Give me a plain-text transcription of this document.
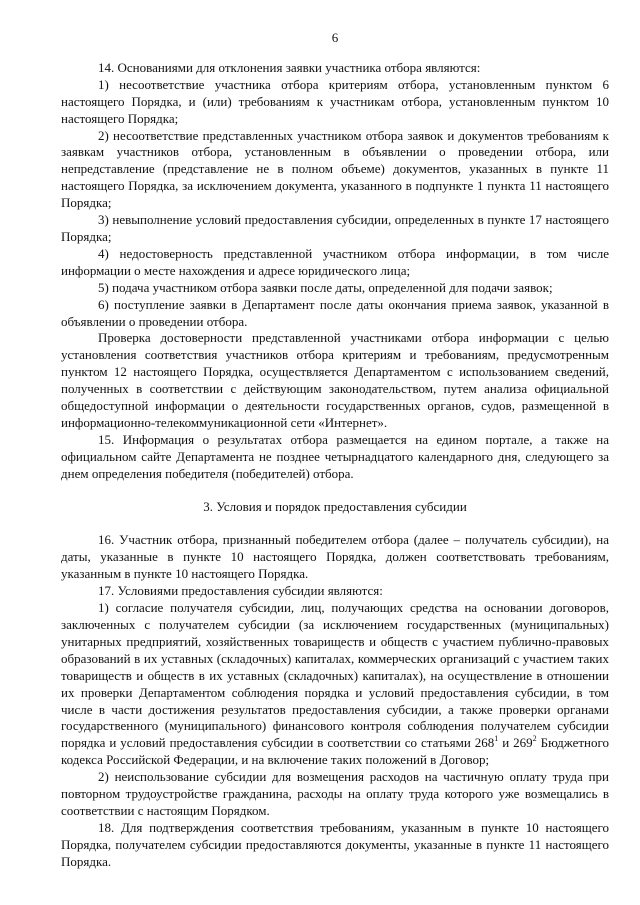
6

14. Основаниями для отклонения заявки участника отбора являются:

1) несоответствие участника отбора критериям отбора, установленным пунктом 6 настоящего Порядка, и (или) требованиям к участникам отбора, установленным пунктом 10 настоящего Порядка;

2) несоответствие представленных участником отбора заявок и документов требованиям к заявкам участников отбора, установленным в объявлении о проведении отбора, или непредставление (представление не в полном объеме) документов, указанных в пункте 11 настоящего Порядка, за исключением документа, указанного в подпункте 1 пункта 11 настоящего Порядка;

3) невыполнение условий предоставления субсидии, определенных в пункте 17 настоящего Порядка;

4) недостоверность представленной участником отбора информации, в том числе информации о месте нахождения и адресе юридического лица;

5) подача участником отбора заявки после даты, определенной для подачи заявок;

6) поступление заявки в Департамент после даты окончания приема заявок, указанной в объявлении о проведении отбора.

Проверка достоверности представленной участниками отбора информации с целью установления соответствия участников отбора критериям и требованиям, предусмотренным пунктом 12 настоящего Порядка, осуществляется Департаментом с использованием сведений, полученных в соответствии с действующим законодательством, путем анализа официальной общедоступной информации о деятельности государственных органов, судов, размещенной в информационно-телекоммуникационной сети «Интернет».

15. Информация о результатах отбора размещается на едином портале, а также на официальном сайте Департамента не позднее четырнадцатого календарного дня, следующего за днем определения победителя (победителей) отбора.

3. Условия и порядок предоставления субсидии

16. Участник отбора, признанный победителем отбора (далее – получатель субсидии), на даты, указанные в пункте 10 настоящего Порядка, должен соответствовать требованиям, указанным в пункте 10 настоящего Порядка.

17. Условиями предоставления субсидии являются:

1) согласие получателя субсидии, лиц, получающих средства на основании договоров, заключенных с получателем субсидии (за исключением государственных (муниципальных) унитарных предприятий, хозяйственных товариществ и обществ с участием публично-правовых образований в их уставных (складочных) капиталах, коммерческих организаций с участием таких товариществ и обществ в их уставных (складочных) капиталах), на осуществление в отношении их проверки Департаментом соблюдения порядка и условий предоставления субсидии, в том числе в части достижения результатов предоставления субсидии, а также проверки органами государственного (муниципального) финансового контроля соблюдения получателем субсидии порядка и условий предоставления субсидии в соответствии со статьями $268^1$ и $269^2$ Бюджетного кодекса Российской Федерации, и на включение таких положений в Договор;

2) неиспользование субсидии для возмещения расходов на частичную оплату труда при повторном трудоустройстве гражданина, расходы на оплату труда которого уже возмещались в соответствии с настоящим Порядком.

18. Для подтверждения соответствия требованиям, указанным в пункте 10 настоящего Порядка, получателем субсидии предоставляются документы, указанные в пункте 11 настоящего Порядка.
